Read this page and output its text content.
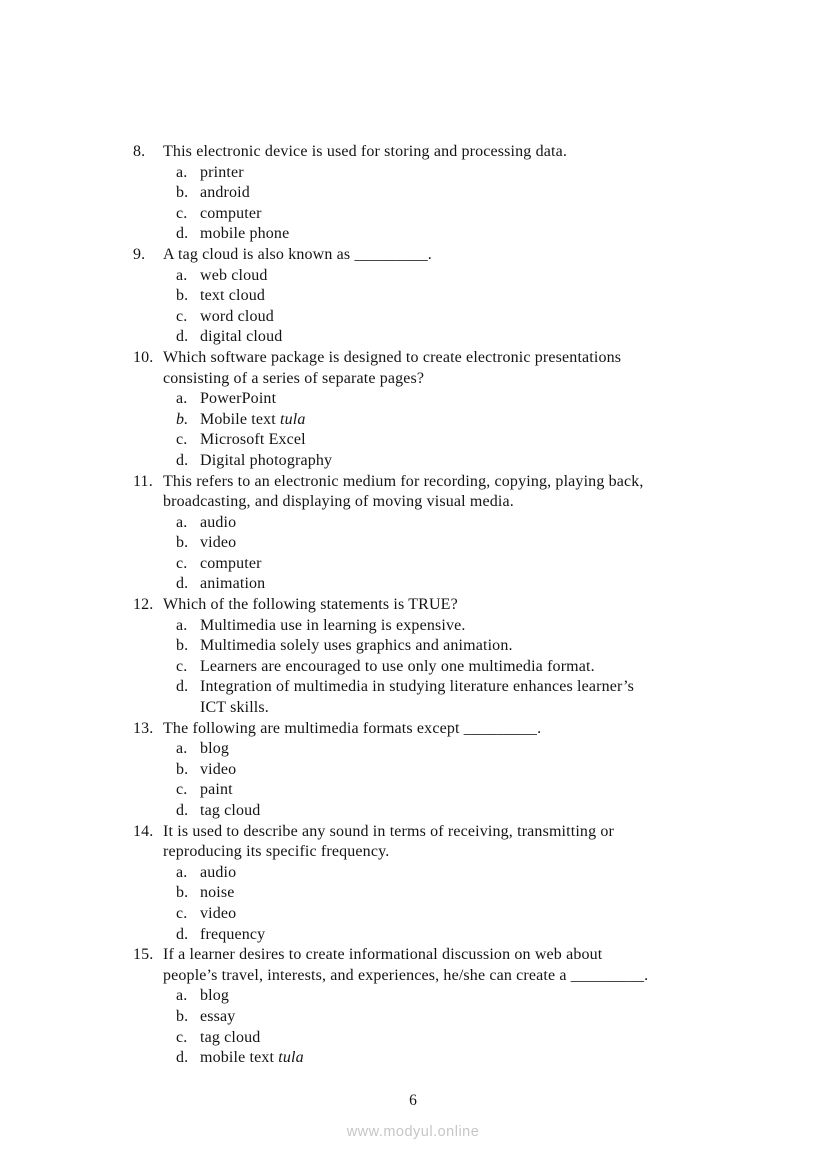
8.	This electronic device is used for storing and processing data.
a. printer
b. android
c. computer
d. mobile phone
9.	A tag cloud is also known as _________.
a. web cloud
b. text cloud
c. word cloud
d. digital cloud
10. Which software package is designed to create electronic presentations
consisting of a series of separate pages?
a. PowerPoint
b. Mobile text tula
c. Microsoft Excel
d. Digital photography
11. This refers to an electronic medium for recording, copying, playing back,
broadcasting, and displaying of moving visual media.
a. audio
b. video
c. computer
d. animation
12. Which of the following statements is TRUE?
a. Multimedia use in learning is expensive.
b. Multimedia solely uses graphics and animation.
c. Learners are encouraged to use only one multimedia format.
d. Integration of multimedia in studying literature enhances learner’s
ICT skills.
13. The following are multimedia formats except _________.
a. blog
b. video
c. paint
d. tag cloud
14. It is used to describe any sound in terms of receiving, transmitting or
reproducing its specific frequency.
a. audio
b. noise
c. video
d. frequency
15. If a learner desires to create informational discussion on web about
people’s travel, interests, and experiences, he/she can create a _________.
a. blog
b. essay
c. tag cloud
d. mobile text tula
6
www.modyul.online
